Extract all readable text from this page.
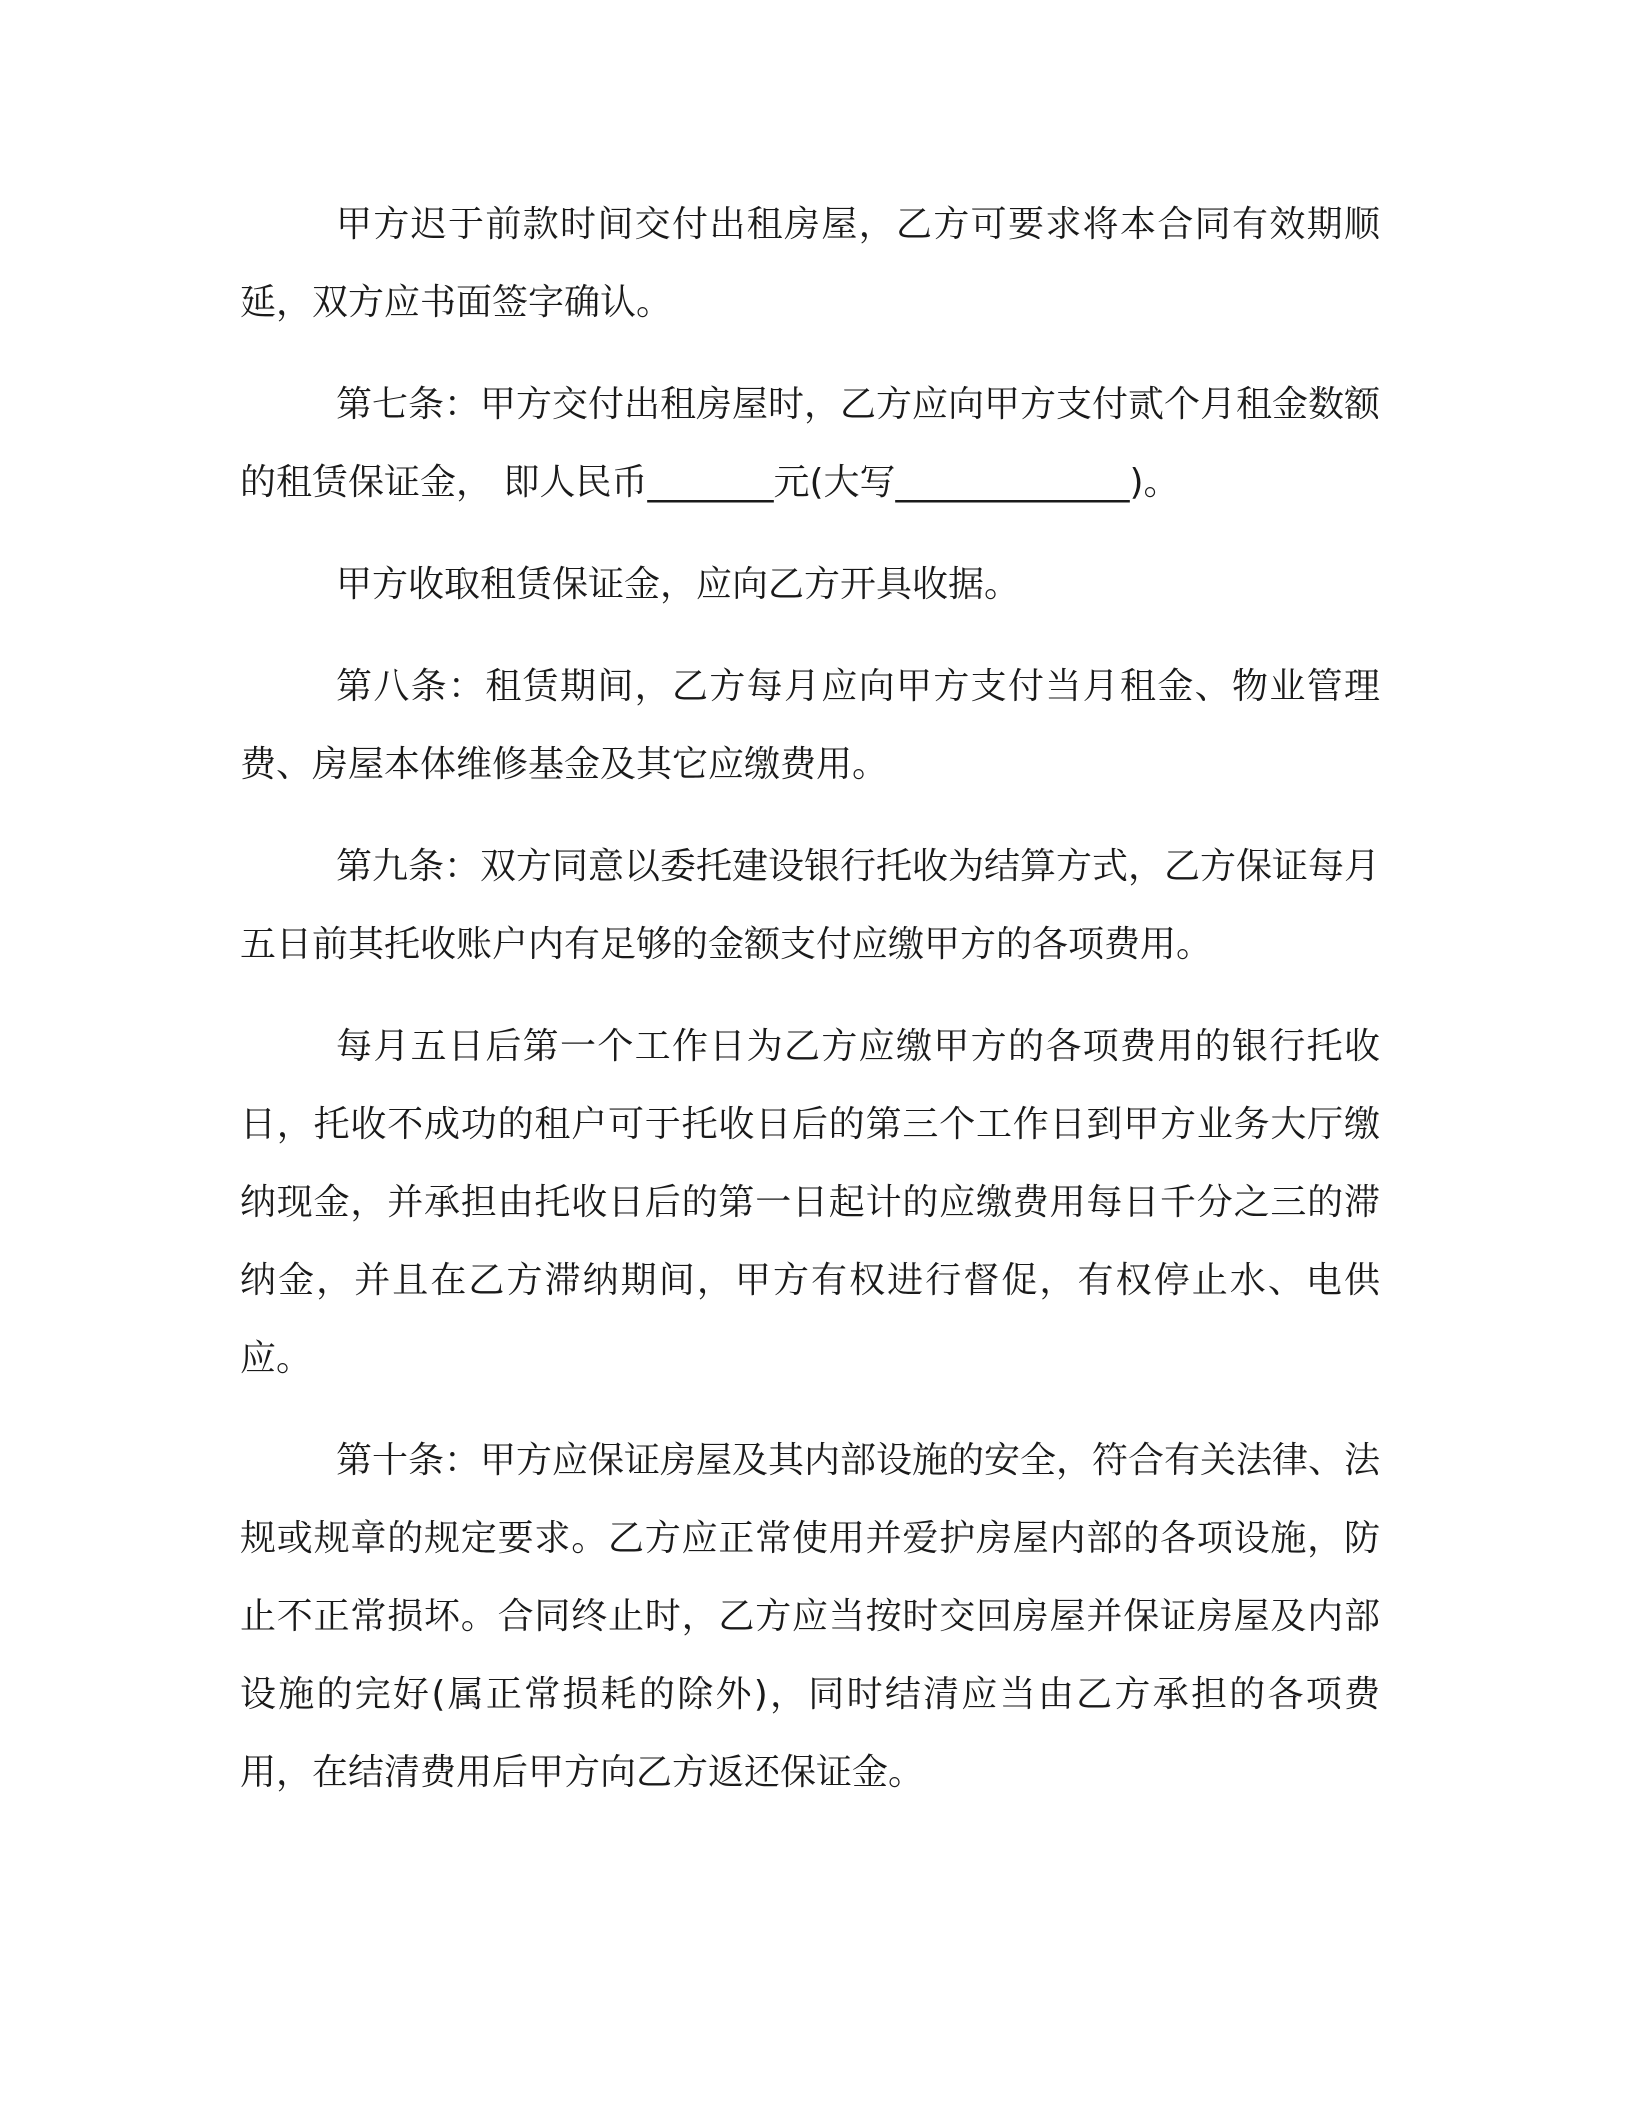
甲方迟于前款时间交付出租房屋，乙方可要求将本合同有效期顺延，双方应书面签字确认。

第七条：甲方交付出租房屋时，乙方应向甲方支付贰个月租金数额的租赁保证金， 即人民币_______元(大写_____________)。

甲方收取租赁保证金，应向乙方开具收据。

第八条：租赁期间，乙方每月应向甲方支付当月租金、物业管理费、房屋本体维修基金及其它应缴费用。

第九条：双方同意以委托建设银行托收为结算方式，乙方保证每月五日前其托收账户内有足够的金额支付应缴甲方的各项费用。

每月五日后第一个工作日为乙方应缴甲方的各项费用的银行托收日，托收不成功的租户可于托收日后的第三个工作日到甲方业务大厅缴纳现金，并承担由托收日后的第一日起计的应缴费用每日千分之三的滞纳金，并且在乙方滞纳期间，甲方有权进行督促，有权停止水、电供应。

第十条：甲方应保证房屋及其内部设施的安全，符合有关法律、法规或规章的规定要求。乙方应正常使用并爱护房屋内部的各项设施，防止不正常损坏。合同终止时，乙方应当按时交回房屋并保证房屋及内部设施的完好(属正常损耗的除外)，同时结清应当由乙方承担的各项费用，在结清费用后甲方向乙方返还保证金。
